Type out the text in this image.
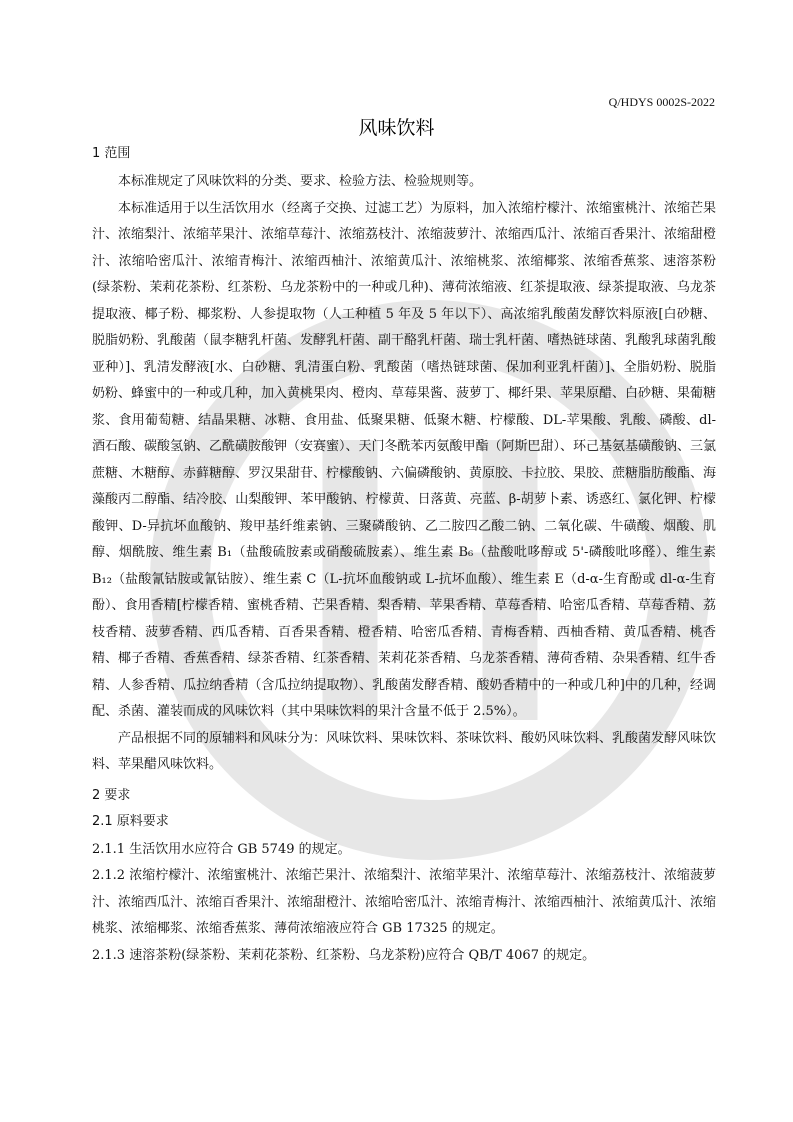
Q/HDYS 0002S-2022
风味饮料
1 范围

本标准规定了风味饮料的分类、要求、检验方法、检验规则等。

本标准适用于以生活饮用水（经离子交换、过滤工艺）为原料，加入浓缩柠檬汁、浓缩蜜桃汁、浓缩芒果汁、浓缩梨汁、浓缩苹果汁、浓缩草莓汁、浓缩荔枝汁、浓缩菠萝汁、浓缩西瓜汁、浓缩百香果汁、浓缩甜橙汁、浓缩哈密瓜汁、浓缩青梅汁、浓缩西柚汁、浓缩黄瓜汁、浓缩桃浆、浓缩椰浆、浓缩香蕉浆、速溶茶粉(绿茶粉、茉莉花茶粉、红茶粉、乌龙茶粉中的一种或几种)、薄荷浓缩液、红茶提取液、绿茶提取液、乌龙茶提取液、椰子粉、椰浆粉、人参提取物（人工种植 5 年及 5 年以下）、高浓缩乳酸菌发酵饮料原液[白砂糖、脱脂奶粉、乳酸菌（鼠李糖乳杆菌、发酵乳杆菌、副干酪乳杆菌、瑞士乳杆菌、嗜热链球菌、乳酸乳球菌乳酸亚种）]、乳清发酵液[水、白砂糖、乳清蛋白粉、乳酸菌（嗜热链球菌、保加利亚乳杆菌）]、全脂奶粉、脱脂奶粉、蜂蜜中的一种或几种，加入黄桃果肉、橙肉、草莓果酱、菠萝丁、椰纤果、苹果原醋、白砂糖、果葡糖浆、食用葡萄糖、结晶果糖、冰糖、食用盐、低聚果糖、低聚木糖、柠檬酸、DL-苹果酸、乳酸、磷酸、dl-酒石酸、碳酸氢钠、乙酰磺胺酸钾（安赛蜜）、天门冬酰苯丙氨酸甲酯（阿斯巴甜）、环己基氨基磺酸钠、三氯蔗糖、木糖醇、赤藓糖醇、罗汉果甜苷、柠檬酸钠、六偏磷酸钠、黄原胶、卡拉胶、果胶、蔗糖脂肪酸酯、海藻酸丙二醇酯、结冷胶、山梨酸钾、苯甲酸钠、柠檬黄、日落黄、亮蓝、β-胡萝卜素、诱惑红、氯化钾、柠檬酸钾、D-异抗坏血酸钠、羧甲基纤维素钠、三聚磷酸钠、乙二胺四乙酸二钠、二氧化碳、牛磺酸、烟酸、肌醇、烟酰胺、维生素 B₁（盐酸硫胺素或硝酸硫胺素）、维生素 B₆（盐酸吡哆醇或 5'-磷酸吡哆醛）、维生素 B₁₂（盐酸氰钴胺或氰钴胺）、维生素 C（L-抗坏血酸钠或 L-抗坏血酸）、维生素 E（d-α-生育酚或 dl-α-生育酚）、食用香精[柠檬香精、蜜桃香精、芒果香精、梨香精、苹果香精、草莓香精、哈密瓜香精、草莓香精、荔枝香精、菠萝香精、西瓜香精、百香果香精、橙香精、哈密瓜香精、青梅香精、西柚香精、黄瓜香精、桃香精、椰子香精、香蕉香精、绿茶香精、红茶香精、茉莉花茶香精、乌龙茶香精、薄荷香精、杂果香精、红牛香精、人参香精、瓜拉纳香精（含瓜拉纳提取物）、乳酸菌发酵香精、酸奶香精中的一种或几种]中的几种，经调配、杀菌、灌装而成的风味饮料（其中果味饮料的果汁含量不低于 2.5%）。

产品根据不同的原辅料和风味分为：风味饮料、果味饮料、茶味饮料、酸奶风味饮料、乳酸菌发酵风味饮料、苹果醋风味饮料。

2 要求
2.1 原料要求

2.1.1 生活饮用水应符合 GB 5749 的规定。

2.1.2 浓缩柠檬汁、浓缩蜜桃汁、浓缩芒果汁、浓缩梨汁、浓缩苹果汁、浓缩草莓汁、浓缩荔枝汁、浓缩菠萝汁、浓缩西瓜汁、浓缩百香果汁、浓缩甜橙汁、浓缩哈密瓜汁、浓缩青梅汁、浓缩西柚汁、浓缩黄瓜汁、浓缩桃浆、浓缩椰浆、浓缩香蕉浆、薄荷浓缩液应符合 GB 17325 的规定。

2.1.3 速溶茶粉(绿茶粉、茉莉花茶粉、红茶粉、乌龙茶粉)应符合 QB/T 4067 的规定。
